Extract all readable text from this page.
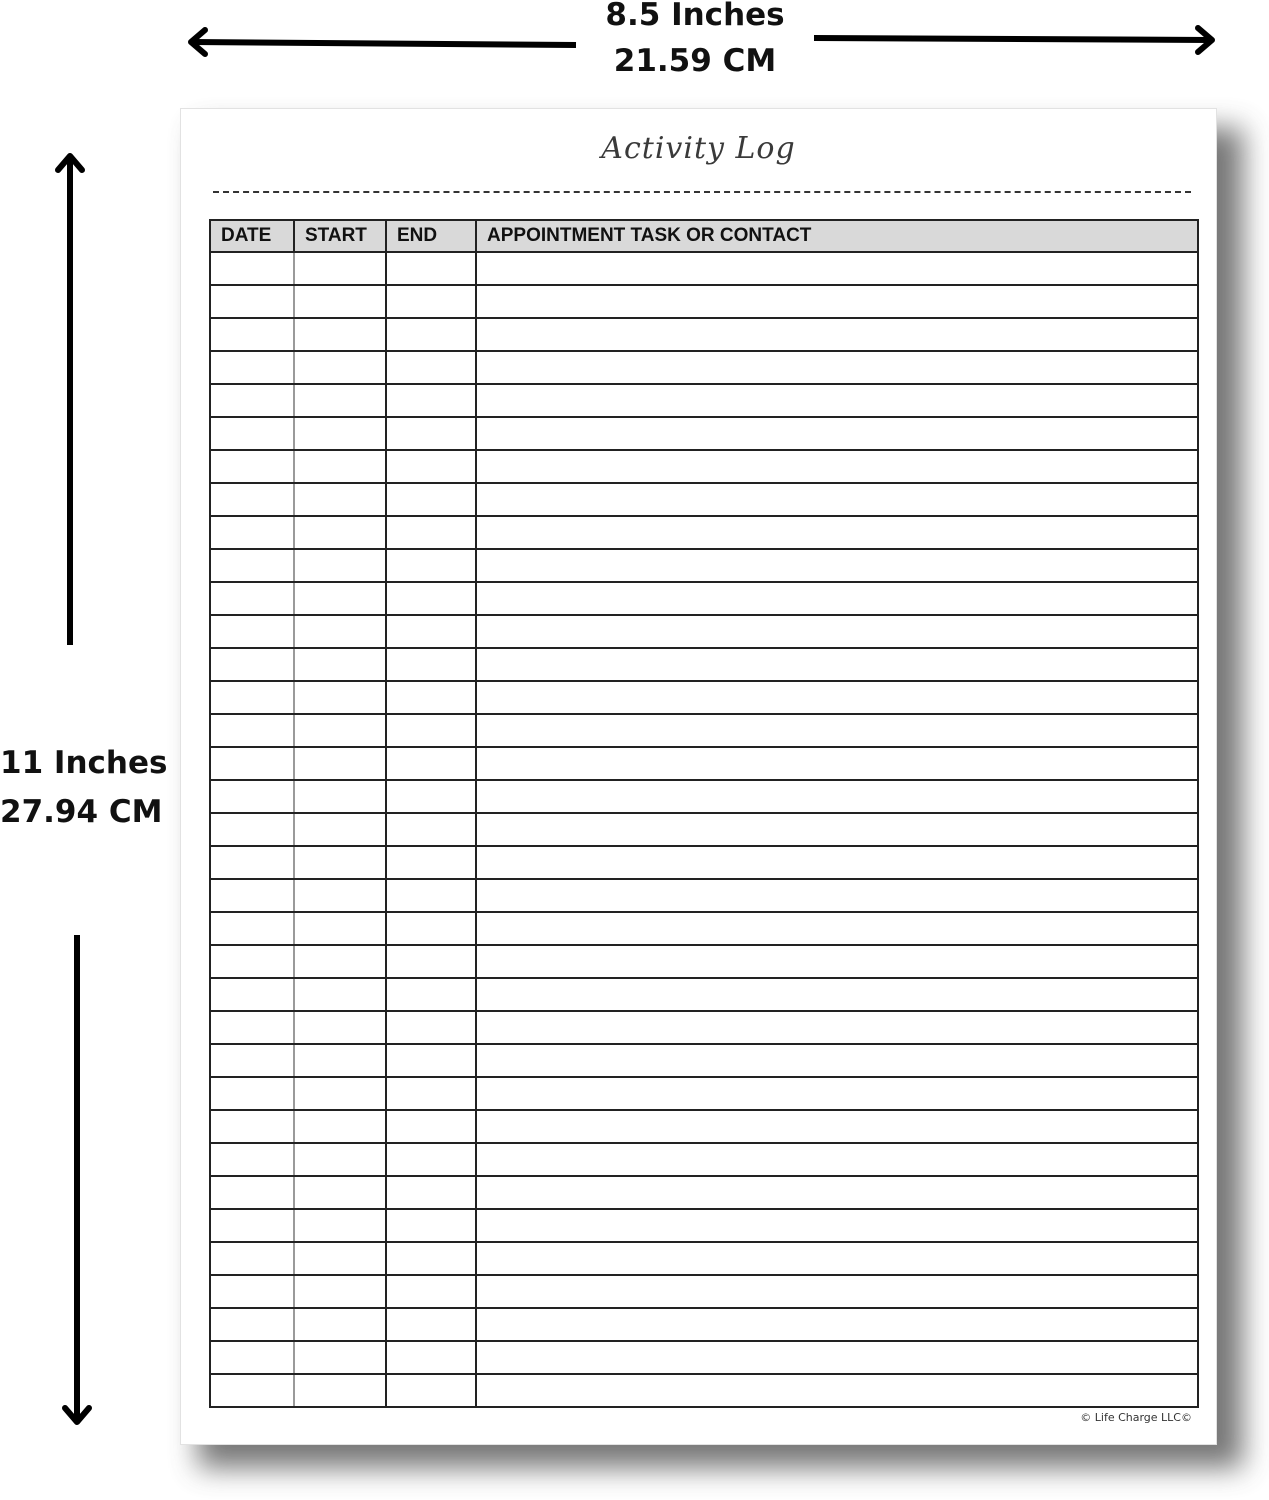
8.5 Inches
21.59 CM
11 Inches
27.94 CM
Activity Log
DATE	START	END	APPOINTMENT TASK OR CONTACT

© Life Charge LLC©
